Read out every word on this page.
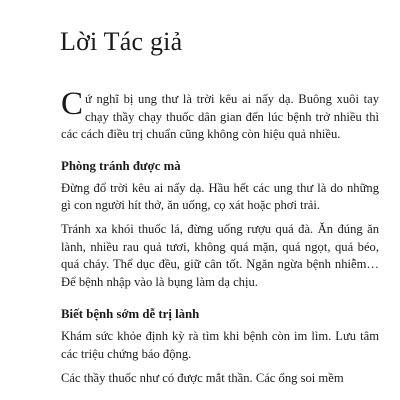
Lời Tác giả

Cứ nghĩ bị ung thư là trời kêu ai nấy dạ. Buông xuôi tay chạy thầy chạy thuốc dân gian đến lúc bệnh trở nhiều thì các cách điều trị chuẩn cũng không còn hiệu quả nhiều.

Phòng tránh được mà

Đừng đổ trời kêu ai nấy dạ. Hầu hết các ung thư là do những gì con người hít thở, ăn uống, cọ xát hoặc phơi trải.

Tránh xa khói thuốc lá, đừng uống rượu quá đà. Ăn đúng ăn lành, nhiều rau quả tươi, không quá mặn, quá ngọt, quá béo, quá cháy. Thể dục đều, giữ cân tốt. Ngăn ngừa bệnh nhiễm… Để bệnh nhập vào là bụng làm dạ chịu.

Biết bệnh sớm dễ trị lành

Khám sức khỏe định kỳ rà tìm khi bệnh còn im lìm. Lưu tâm các triệu chứng báo động.

Các thầy thuốc như có được mắt thần. Các ống soi mềm
